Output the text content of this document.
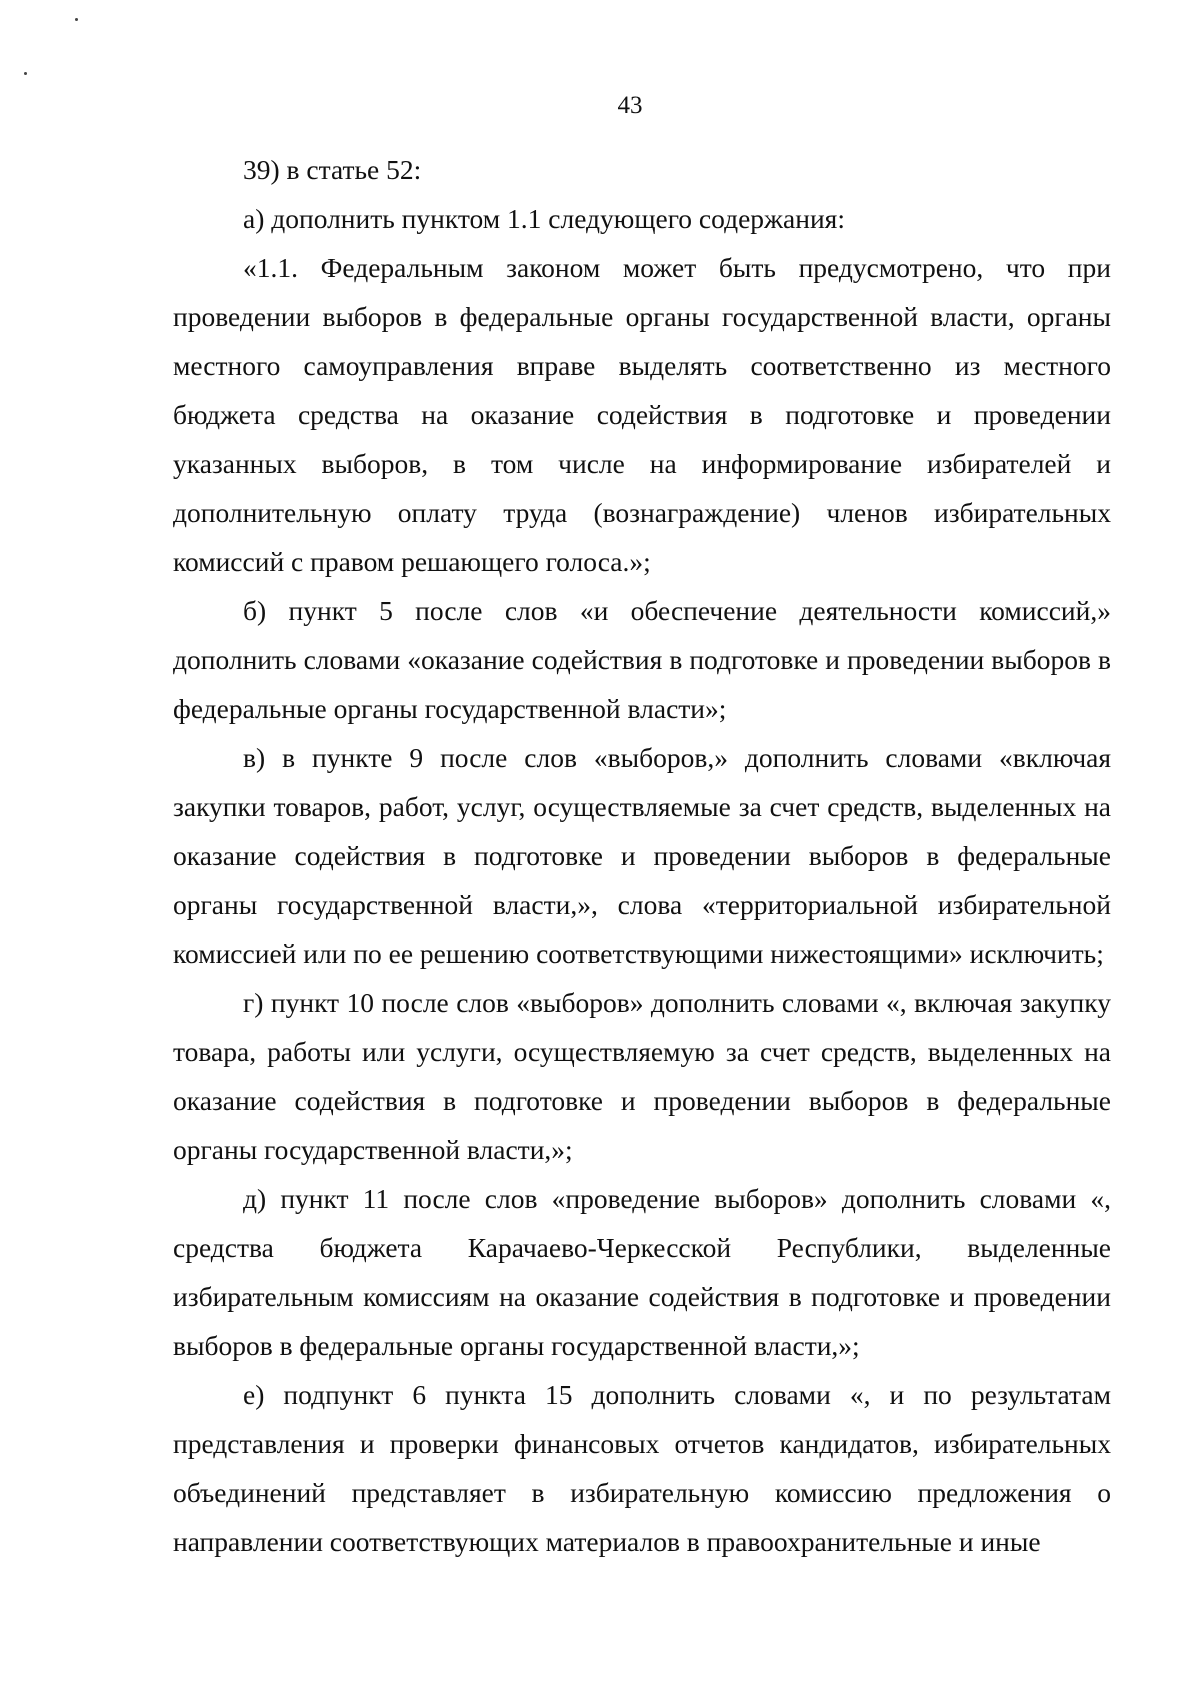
43

39) в статье 52:

а) дополнить пунктом 1.1 следующего содержания:

«1.1. Федеральным законом может быть предусмотрено, что при проведении выборов в федеральные органы государственной власти, органы местного самоуправления вправе выделять соответственно из местного бюджета средства на оказание содействия в подготовке и проведении указанных выборов, в том числе на информирование избирателей и дополнительную оплату труда (вознаграждение) членов избирательных комиссий с правом решающего голоса.»;

б) пункт 5 после слов «и обеспечение деятельности комиссий,» дополнить словами «оказание содействия в подготовке и проведении выборов в федеральные органы государственной власти»;

в) в пункте 9 после слов «выборов,» дополнить словами «включая закупки товаров, работ, услуг, осуществляемые за счет средств, выделенных на оказание содействия в подготовке и проведении выборов в федеральные органы государственной власти,», слова «территориальной избирательной комиссией или по ее решению соответствующими нижестоящими» исключить;

г) пункт 10 после слов «выборов» дополнить словами «, включая закупку товара, работы или услуги, осуществляемую за счет средств, выделенных на оказание содействия в подготовке и проведении выборов в федеральные органы государственной власти,»;

д) пункт 11 после слов «проведение выборов» дополнить словами «, средства бюджета Карачаево-Черкесской Республики, выделенные избирательным комиссиям на оказание содействия в подготовке и проведении выборов в федеральные органы государственной власти,»;

е) подпункт 6 пункта 15 дополнить словами «, и по результатам представления и проверки финансовых отчетов кандидатов, избирательных объединений представляет в избирательную комиссию предложения о направлении соответствующих материалов в правоохранительные и иные
